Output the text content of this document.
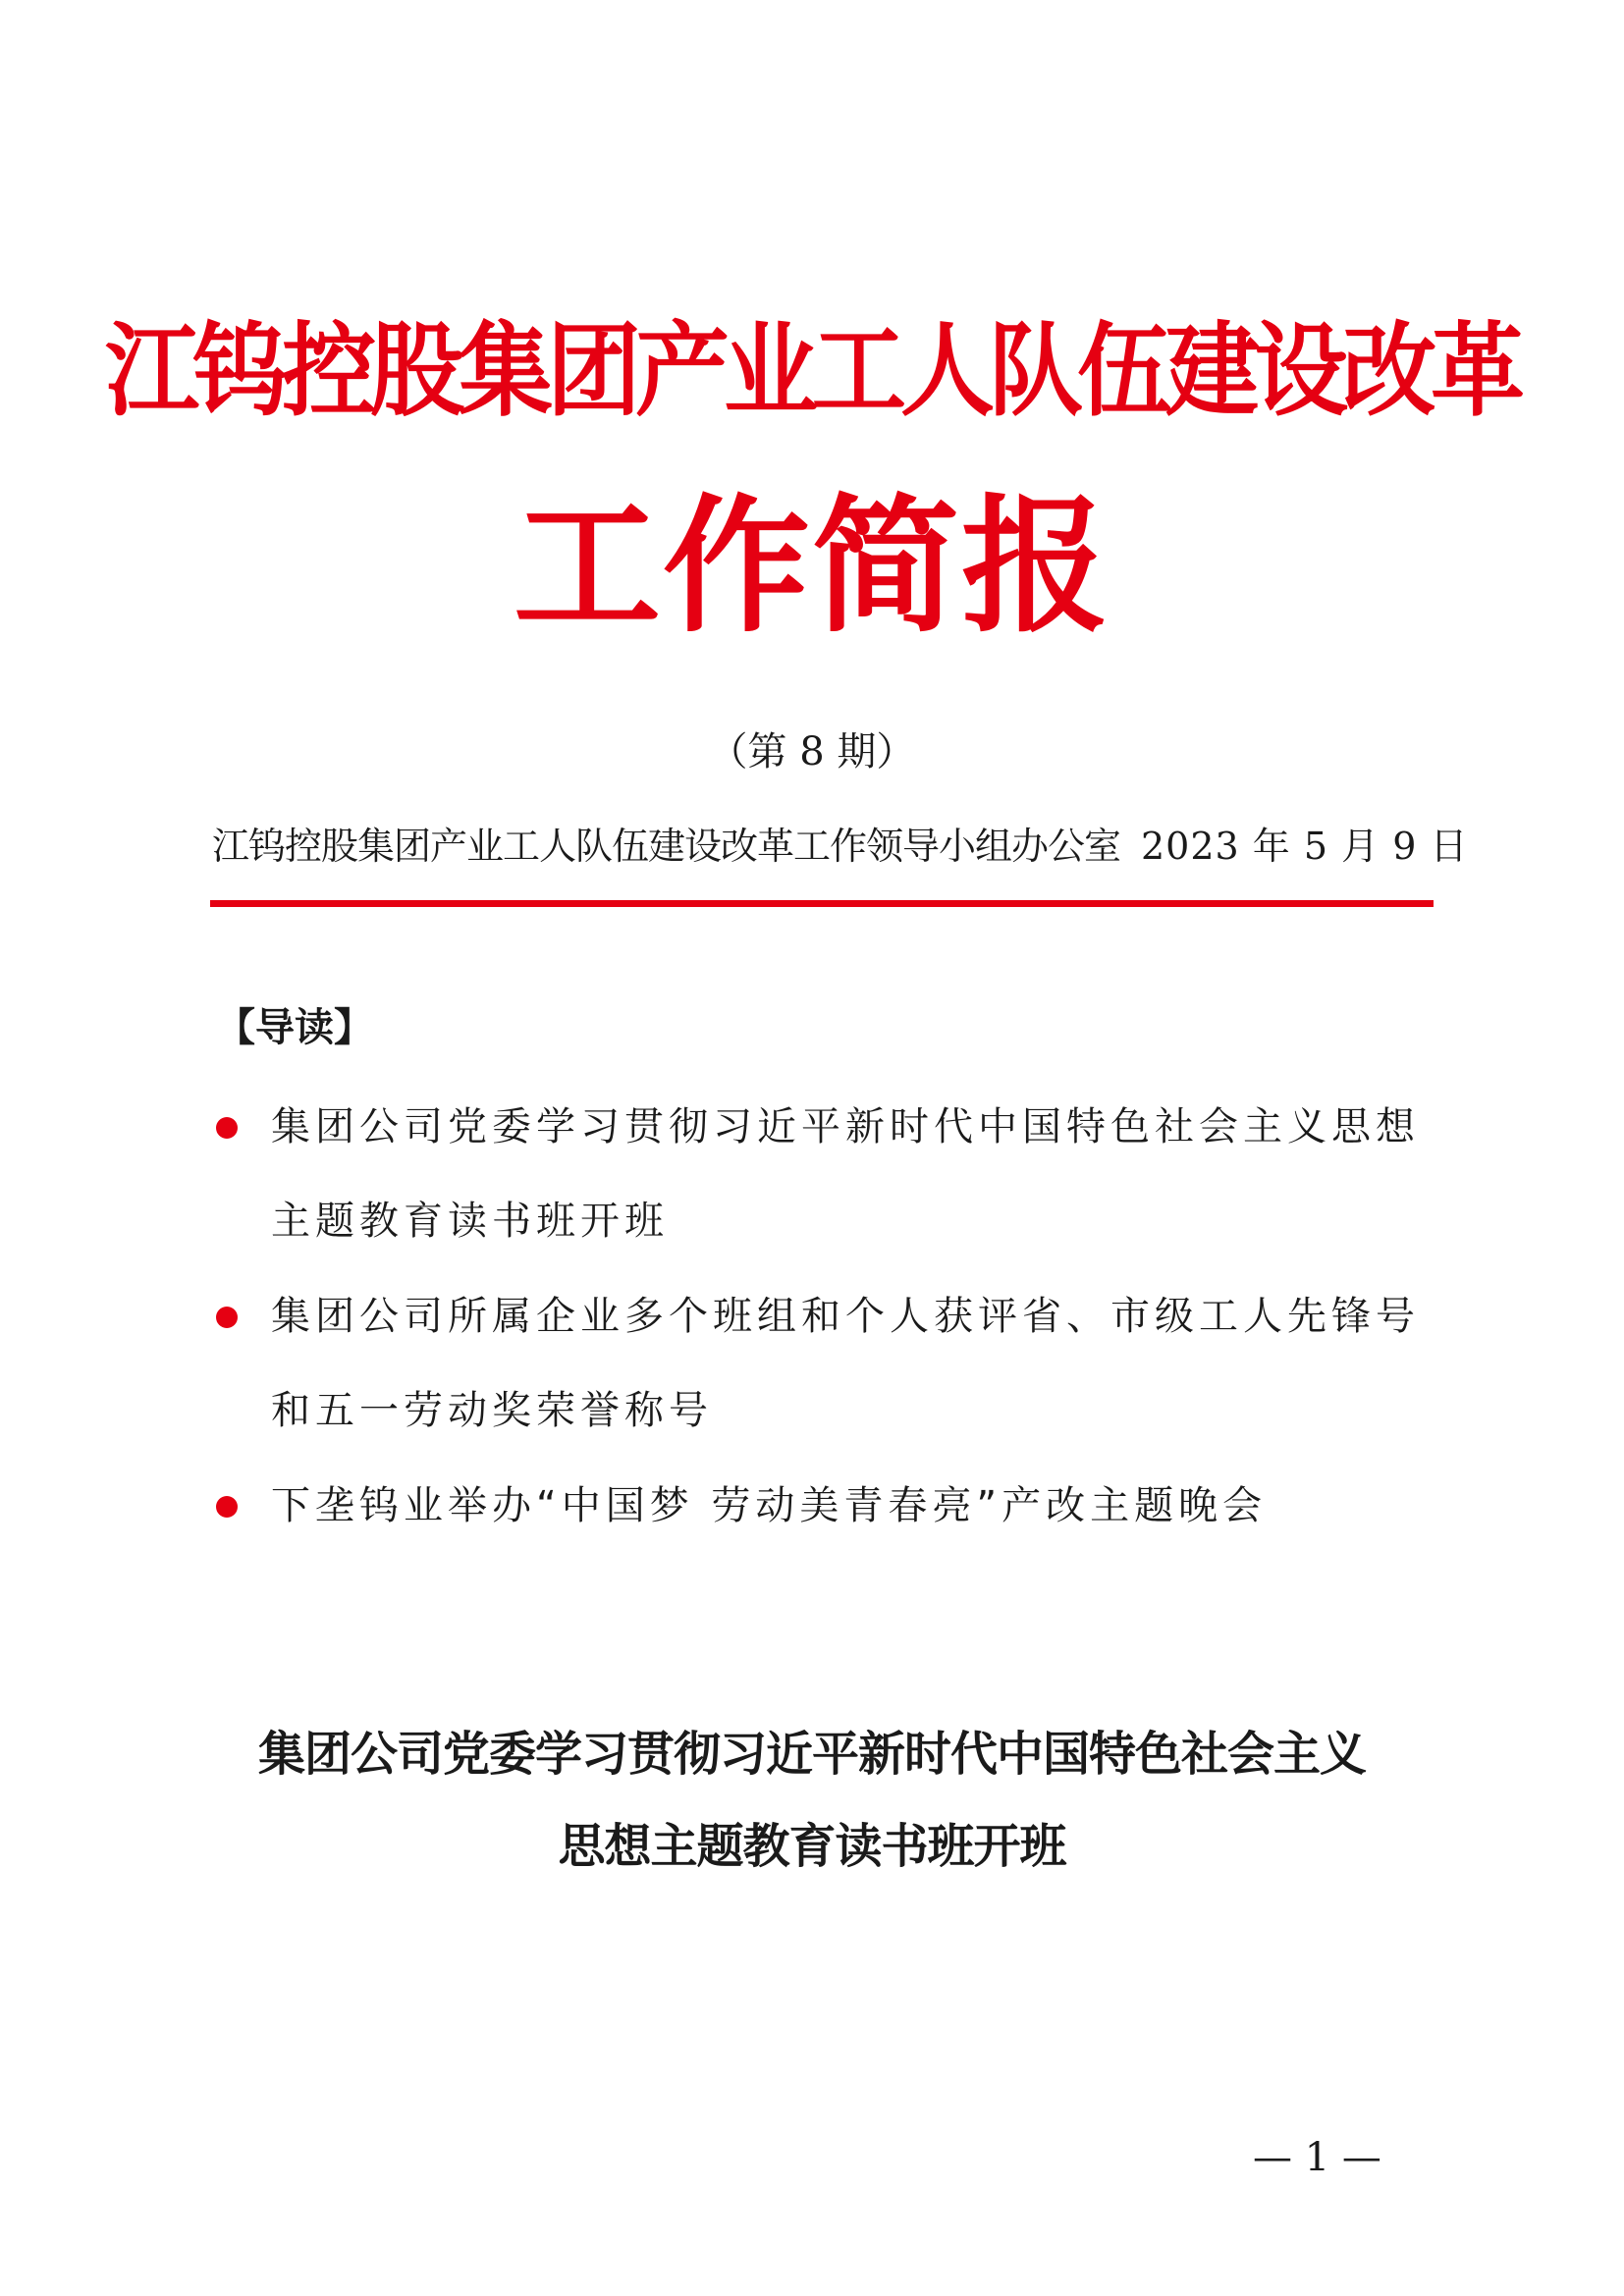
江钨控股集团产业工人队伍建设改革
工作简报
（第 8 期）
江钨控股集团产业工人队伍建设改革工作领导小组办公室 2023 年 5 月 9 日
【导读】
集团公司党委学习贯彻习近平新时代中国特色社会主义思想主题教育读书班开班
集团公司所属企业多个班组和个人获评省、市级工人先锋号和五一劳动奖荣誉称号
下垄钨业举办“中国梦 劳动美青春亮”产改主题晚会
集团公司党委学习贯彻习近平新时代中国特色社会主义
思想主题教育读书班开班
— 1 —
